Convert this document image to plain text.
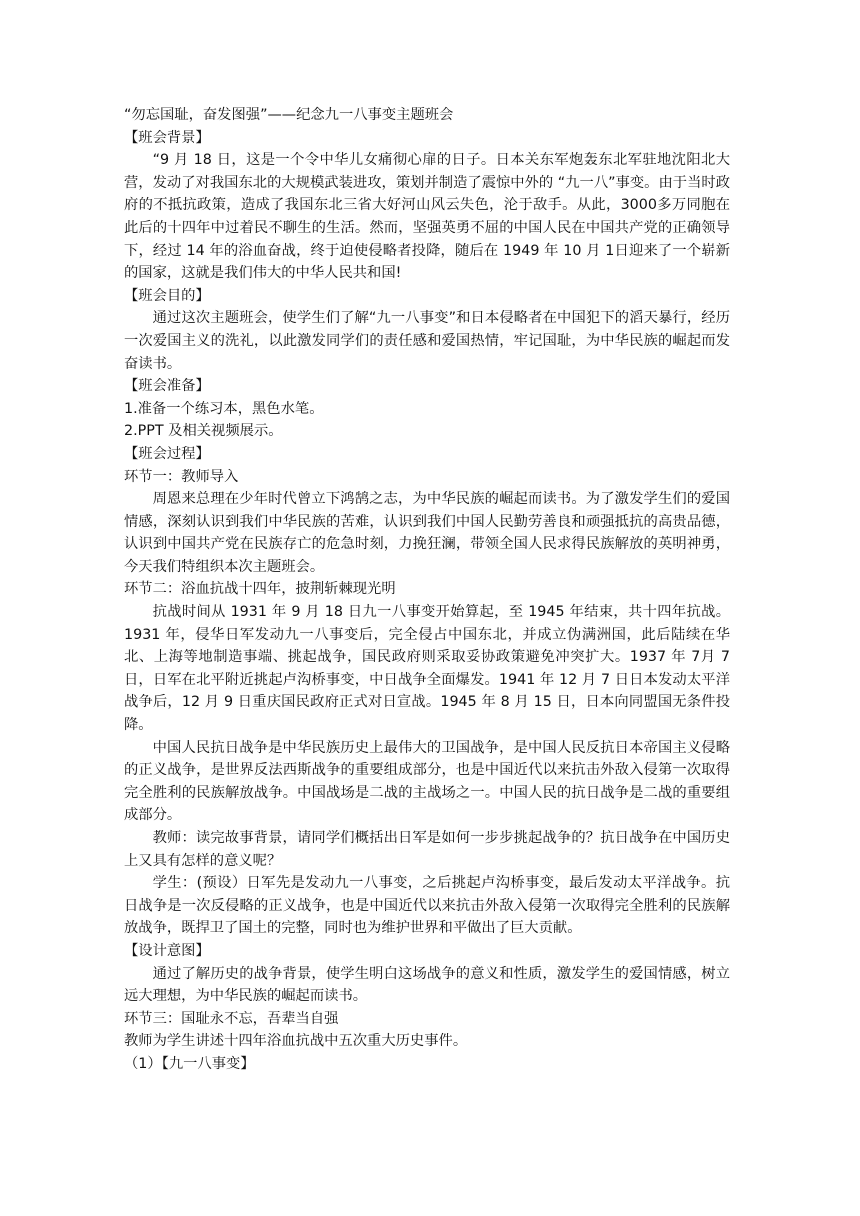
“勿忘国耻，奋发图强”——纪念九一八事变主题班会

【班会背景】

“9 月 18 日，这是一个令中华儿女痛彻心扉的日子。日本关东军炮轰东北军驻地沈阳北大营，发动了对我国东北的大规模武装进攻，策划并制造了震惊中外的 “九一八”事变。由于当时政府的不抵抗政策，造成了我国东北三省大好河山风云失色，沦于敌手。从此，3000多万同胞在此后的十四年中过着民不聊生的生活。然而，坚强英勇不屈的中国人民在中国共产党的正确领导下，经过 14 年的浴血奋战，终于迫使侵略者投降，随后在 1949 年 10 月 1日迎来了一个崭新的国家，这就是我们伟大的中华人民共和国!

【班会目的】

通过这次主题班会，使学生们了解“九一八事变”和日本侵略者在中国犯下的滔天暴行，经历一次爱国主义的洗礼，以此激发同学们的责任感和爱国热情，牢记国耻，为中华民族的崛起而发奋读书。

【班会准备】

1.准备一个练习本，黑色水笔。

2.PPT 及相关视频展示。

【班会过程】

环节一：教师导入

周恩来总理在少年时代曾立下鸿鹄之志，为中华民族的崛起而读书。为了激发学生们的爱国情感，深刻认识到我们中华民族的苦难，认识到我们中国人民勤劳善良和顽强抵抗的高贵品德，认识到中国共产党在民族存亡的危急时刻，力挽狂澜，带领全国人民求得民族解放的英明神勇，今天我们特组织本次主题班会。

环节二：浴血抗战十四年，披荆斩棘现光明

抗战时间从 1931 年 9 月 18 日九一八事变开始算起，至 1945 年结束，共十四年抗战。1931 年，侵华日军发动九一八事变后，完全侵占中国东北，并成立伪满洲国，此后陆续在华北、上海等地制造事端、挑起战争，国民政府则采取妥协政策避免冲突扩大。1937 年 7月 7 日，日军在北平附近挑起卢沟桥事变，中日战争全面爆发。1941 年 12 月 7 日日本发动太平洋战争后，12 月 9 日重庆国民政府正式对日宣战。1945 年 8 月 15 日，日本向同盟国无条件投降。

中国人民抗日战争是中华民族历史上最伟大的卫国战争，是中国人民反抗日本帝国主义侵略的正义战争，是世界反法西斯战争的重要组成部分，也是中国近代以来抗击外敌入侵第一次取得完全胜利的民族解放战争。中国战场是二战的主战场之一。中国人民的抗日战争是二战的重要组成部分。

教师：读完故事背景，请同学们概括出日军是如何一步步挑起战争的？抗日战争在中国历史上又具有怎样的意义呢？

学生：(预设）日军先是发动九一八事变，之后挑起卢沟桥事变，最后发动太平洋战争。抗日战争是一次反侵略的正义战争，也是中国近代以来抗击外敌入侵第一次取得完全胜利的民族解放战争，既捍卫了国土的完整，同时也为维护世界和平做出了巨大贡献。

【设计意图】

通过了解历史的战争背景，使学生明白这场战争的意义和性质，激发学生的爱国情感，树立远大理想，为中华民族的崛起而读书。

环节三：国耻永不忘，吾辈当自强

教师为学生讲述十四年浴血抗战中五次重大历史事件。

（1）【九一八事变】
